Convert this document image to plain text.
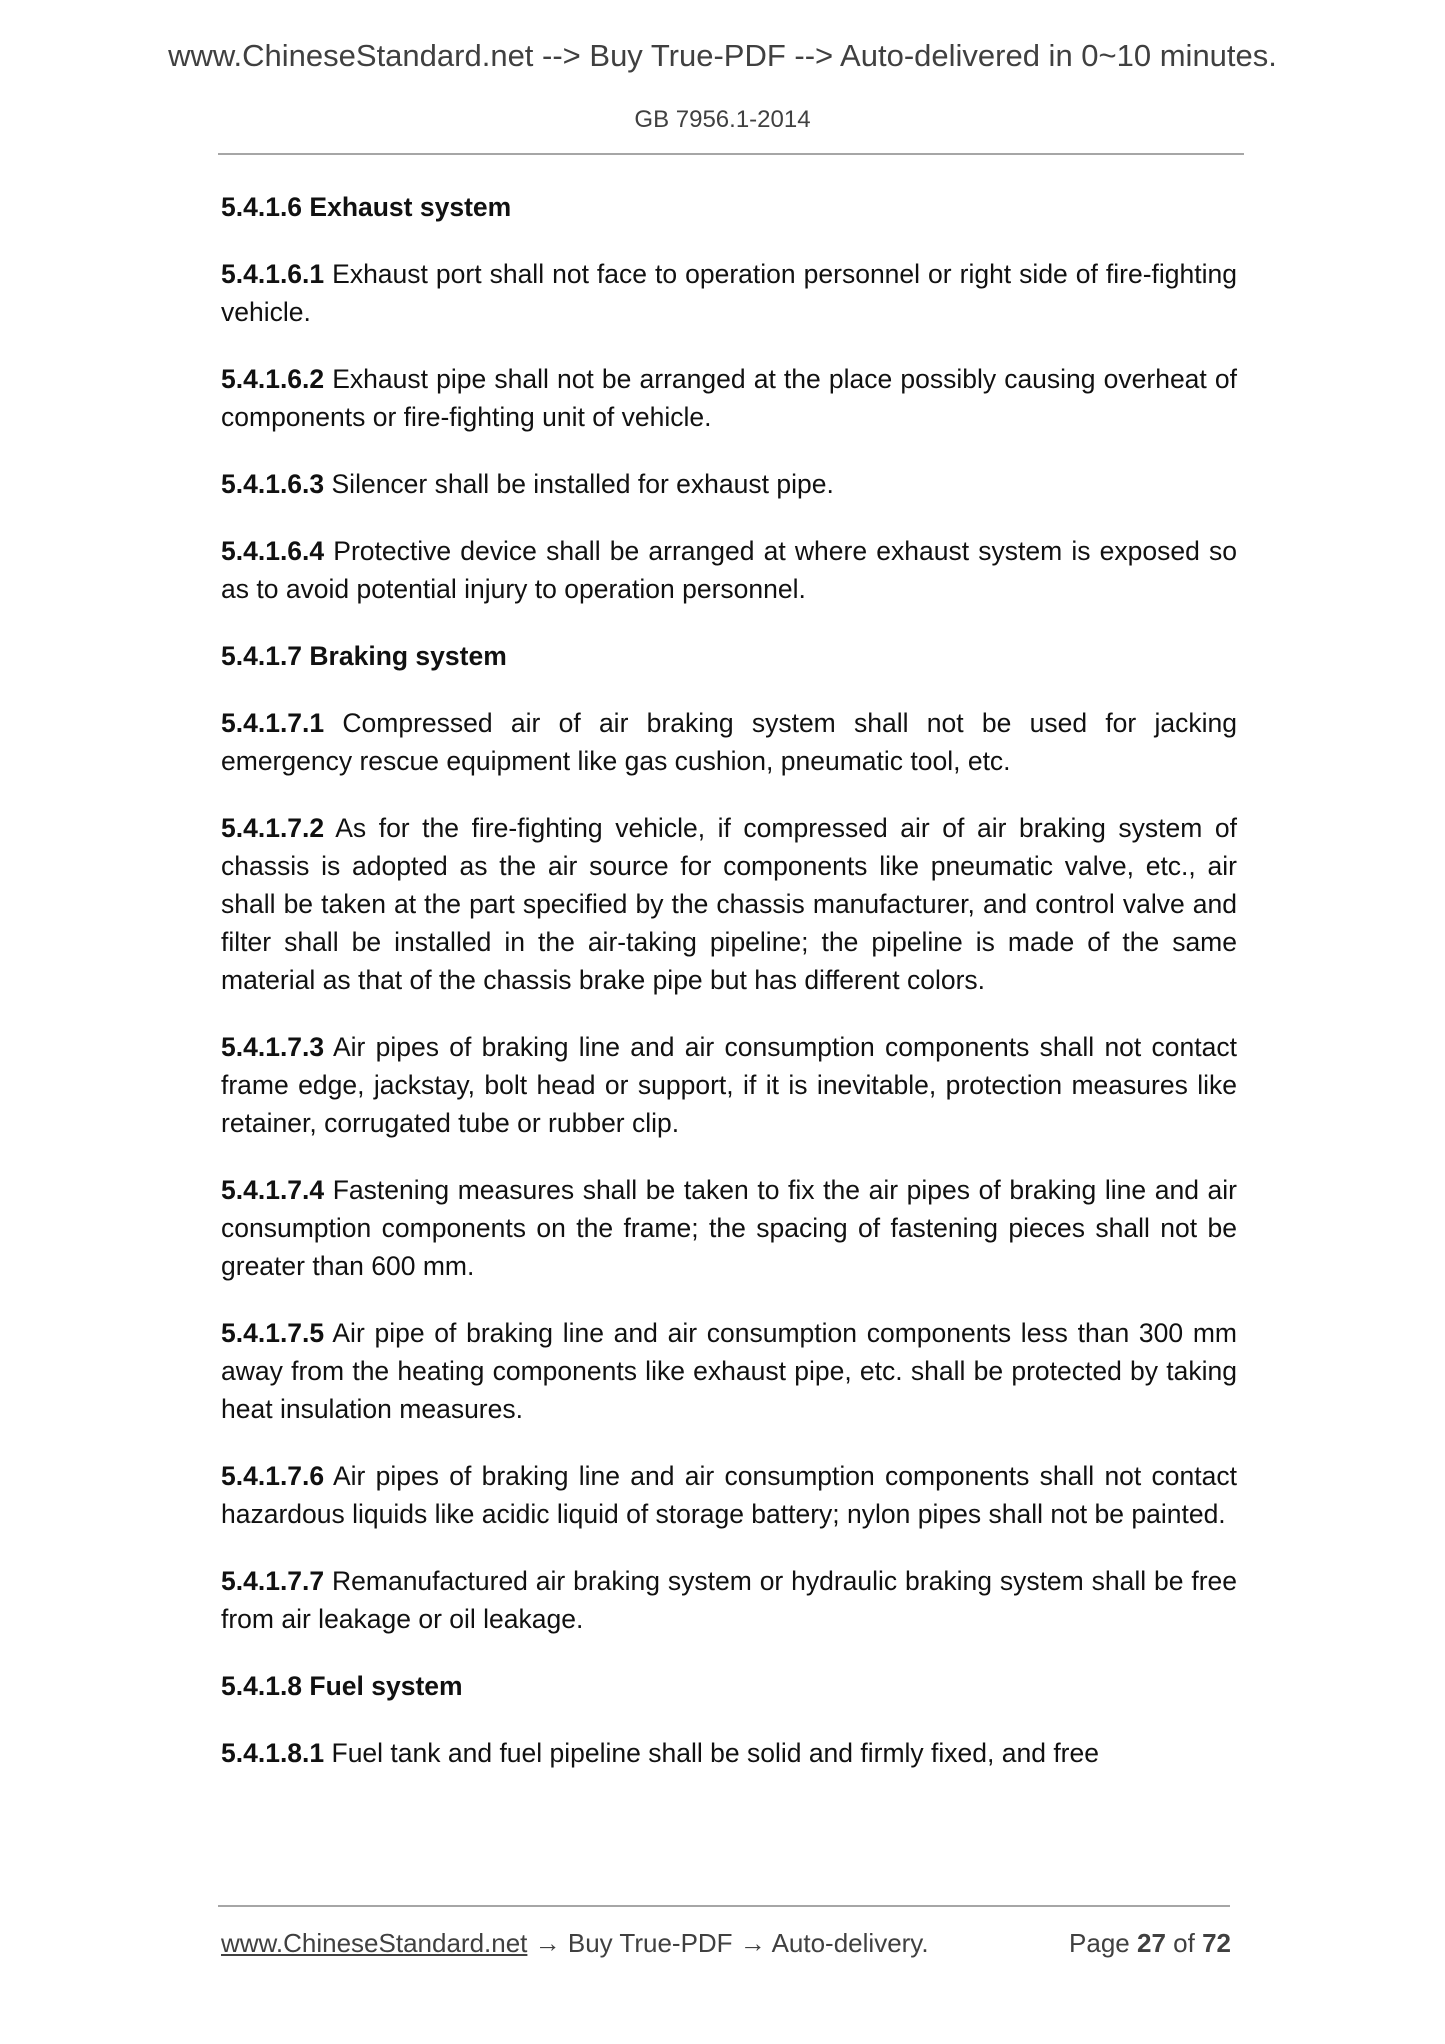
www.ChineseStandard.net --> Buy True-PDF --> Auto-delivered in 0~10 minutes.
GB 7956.1-2014

5.4.1.6 Exhaust system

5.4.1.6.1 Exhaust port shall not face to operation personnel or right side of fire-fighting vehicle.

5.4.1.6.2 Exhaust pipe shall not be arranged at the place possibly causing overheat of components or fire-fighting unit of vehicle.

5.4.1.6.3 Silencer shall be installed for exhaust pipe.

5.4.1.6.4 Protective device shall be arranged at where exhaust system is exposed so as to avoid potential injury to operation personnel.

5.4.1.7 Braking system

5.4.1.7.1 Compressed air of air braking system shall not be used for jacking emergency rescue equipment like gas cushion, pneumatic tool, etc.

5.4.1.7.2 As for the fire-fighting vehicle, if compressed air of air braking system of chassis is adopted as the air source for components like pneumatic valve, etc., air shall be taken at the part specified by the chassis manufacturer, and control valve and filter shall be installed in the air-taking pipeline; the pipeline is made of the same material as that of the chassis brake pipe but has different colors.

5.4.1.7.3 Air pipes of braking line and air consumption components shall not contact frame edge, jackstay, bolt head or support, if it is inevitable, protection measures like retainer, corrugated tube or rubber clip.

5.4.1.7.4 Fastening measures shall be taken to fix the air pipes of braking line and air consumption components on the frame; the spacing of fastening pieces shall not be greater than 600 mm.

5.4.1.7.5 Air pipe of braking line and air consumption components less than 300 mm away from the heating components like exhaust pipe, etc. shall be protected by taking heat insulation measures.

5.4.1.7.6 Air pipes of braking line and air consumption components shall not contact hazardous liquids like acidic liquid of storage battery; nylon pipes shall not be painted.

5.4.1.7.7 Remanufactured air braking system or hydraulic braking system shall be free from air leakage or oil leakage.

5.4.1.8 Fuel system

5.4.1.8.1 Fuel tank and fuel pipeline shall be solid and firmly fixed, and free

www.ChineseStandard.net → Buy True-PDF → Auto-delivery.	Page 27 of 72
